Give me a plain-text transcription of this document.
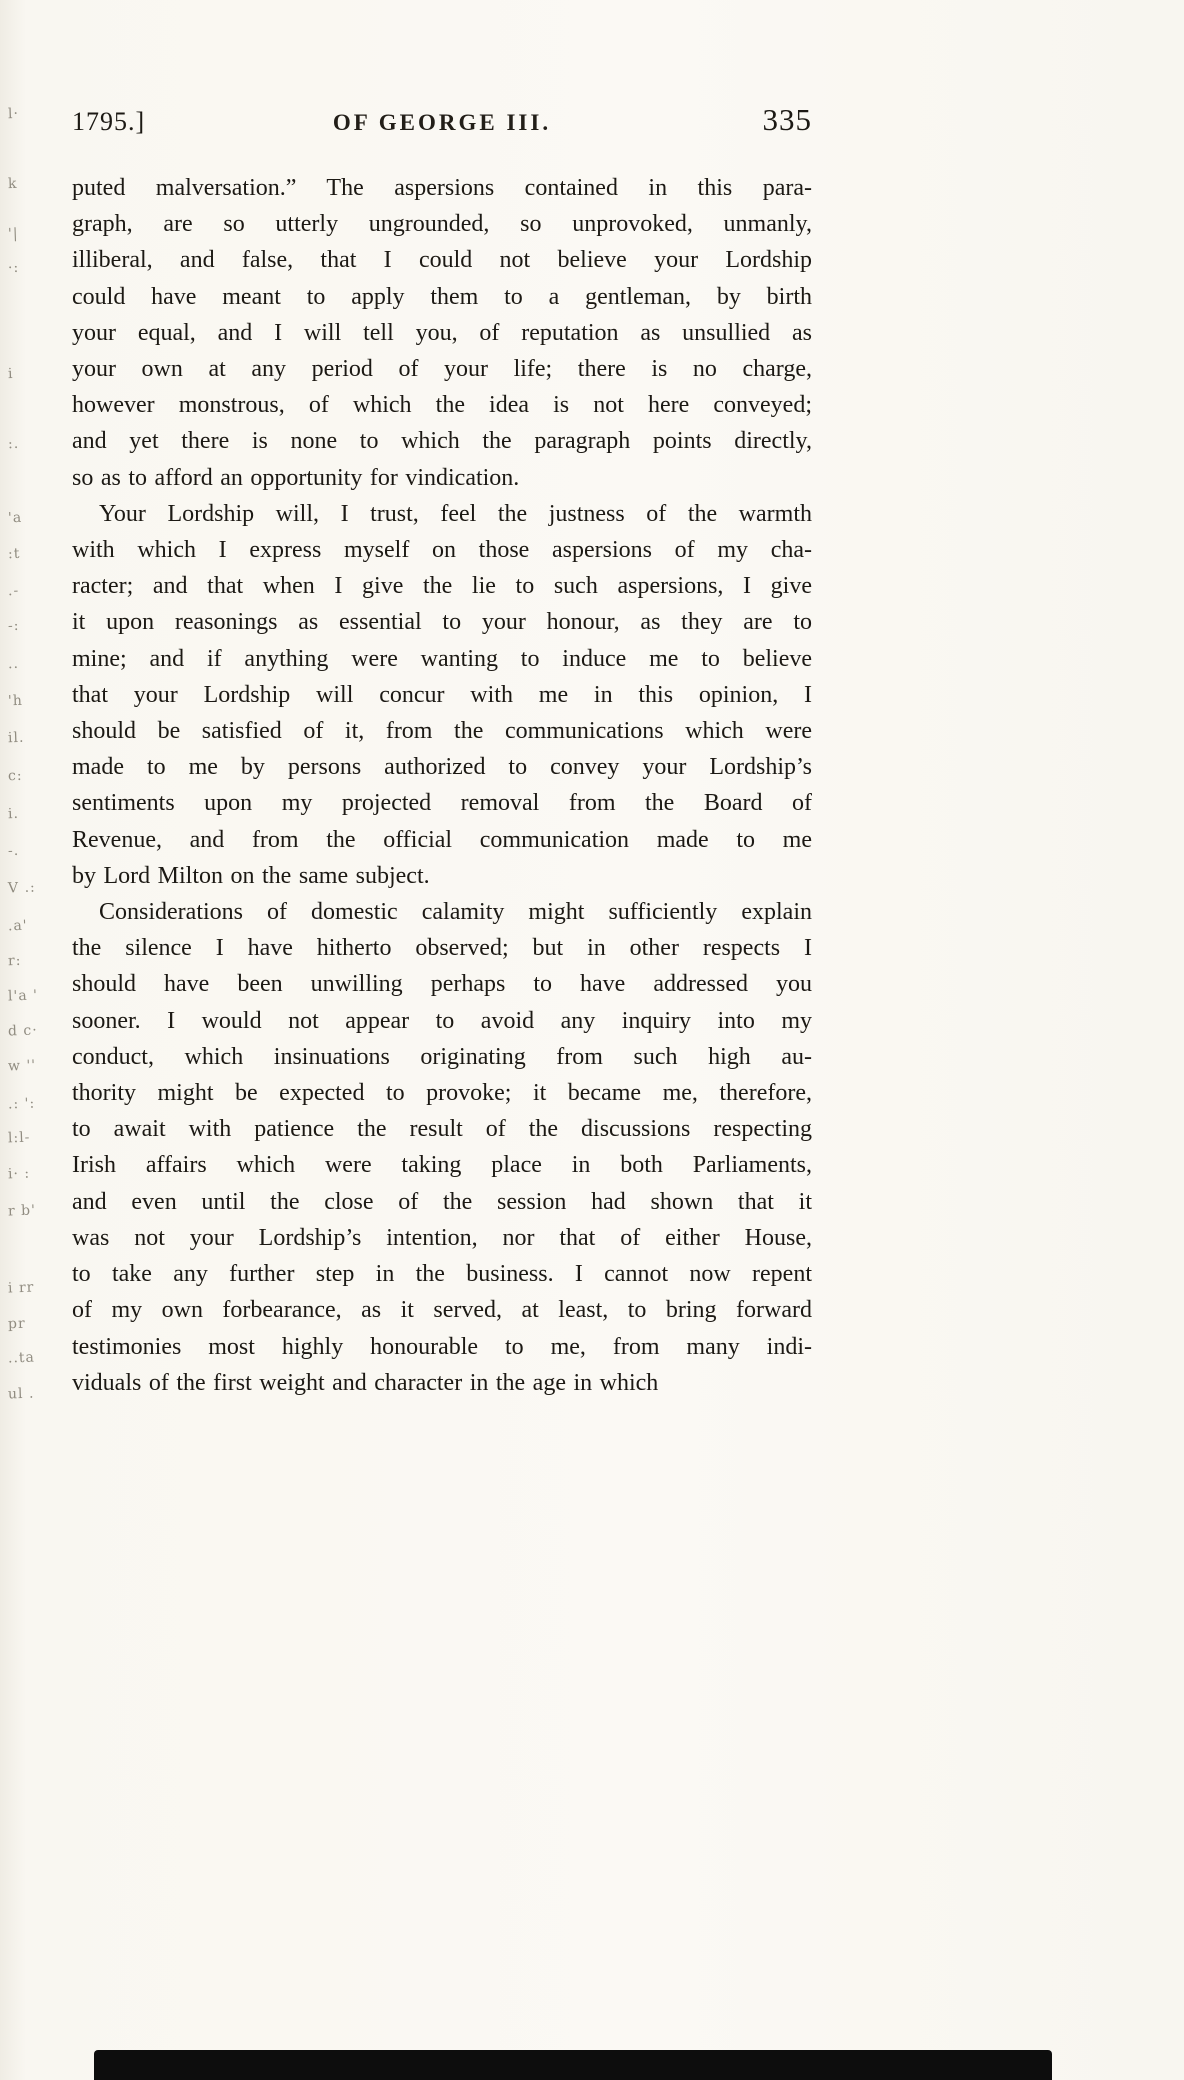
1795.]	OF GEORGE III.	335
puted malversation.” The aspersions contained in this para-
graph, are so utterly ungrounded, so unprovoked, unmanly,
illiberal, and false, that I could not believe your Lordship
could have meant to apply them to a gentleman, by birth
your equal, and I will tell you, of reputation as unsullied as
your own at any period of your life; there is no charge,
however monstrous, of which the idea is not here conveyed;
and yet there is none to which the paragraph points directly,
so as to afford an opportunity for vindication.
Your Lordship will, I trust, feel the justness of the warmth
with which I express myself on those aspersions of my cha-
racter; and that when I give the lie to such aspersions, I give
it upon reasonings as essential to your honour, as they are to
mine; and if anything were wanting to induce me to believe
that your Lordship will concur with me in this opinion, I
should be satisfied of it, from the communications which were
made to me by persons authorized to convey your Lordship’s
sentiments upon my projected removal from the Board of
Revenue, and from the official communication made to me
by Lord Milton on the same subject.
Considerations of domestic calamity might sufficiently explain
the silence I have hitherto observed; but in other respects I
should have been unwilling perhaps to have addressed you
sooner. I would not appear to avoid any inquiry into my
conduct, which insinuations originating from such high au-
thority might be expected to provoke; it became me, therefore,
to await with patience the result of the discussions respecting
Irish affairs which were taking place in both Parliaments,
and even until the close of the session had shown that it
was not your Lordship’s intention, nor that of either House,
to take any further step in the business. I cannot now repent
of my own forbearance, as it served, at least, to bring forward
testimonies most highly honourable to me, from many indi-
viduals of the first weight and character in the age in which
l·
k
'|
·:
i
:.
'a
:t
.-
-:
..
'h
il.
c:
i.
-.
V .:
.a'
r:
l'a '
d c·
w ''
.: ':
l:l-
i· :
r b'
i rr
pr
..ta
ul .
